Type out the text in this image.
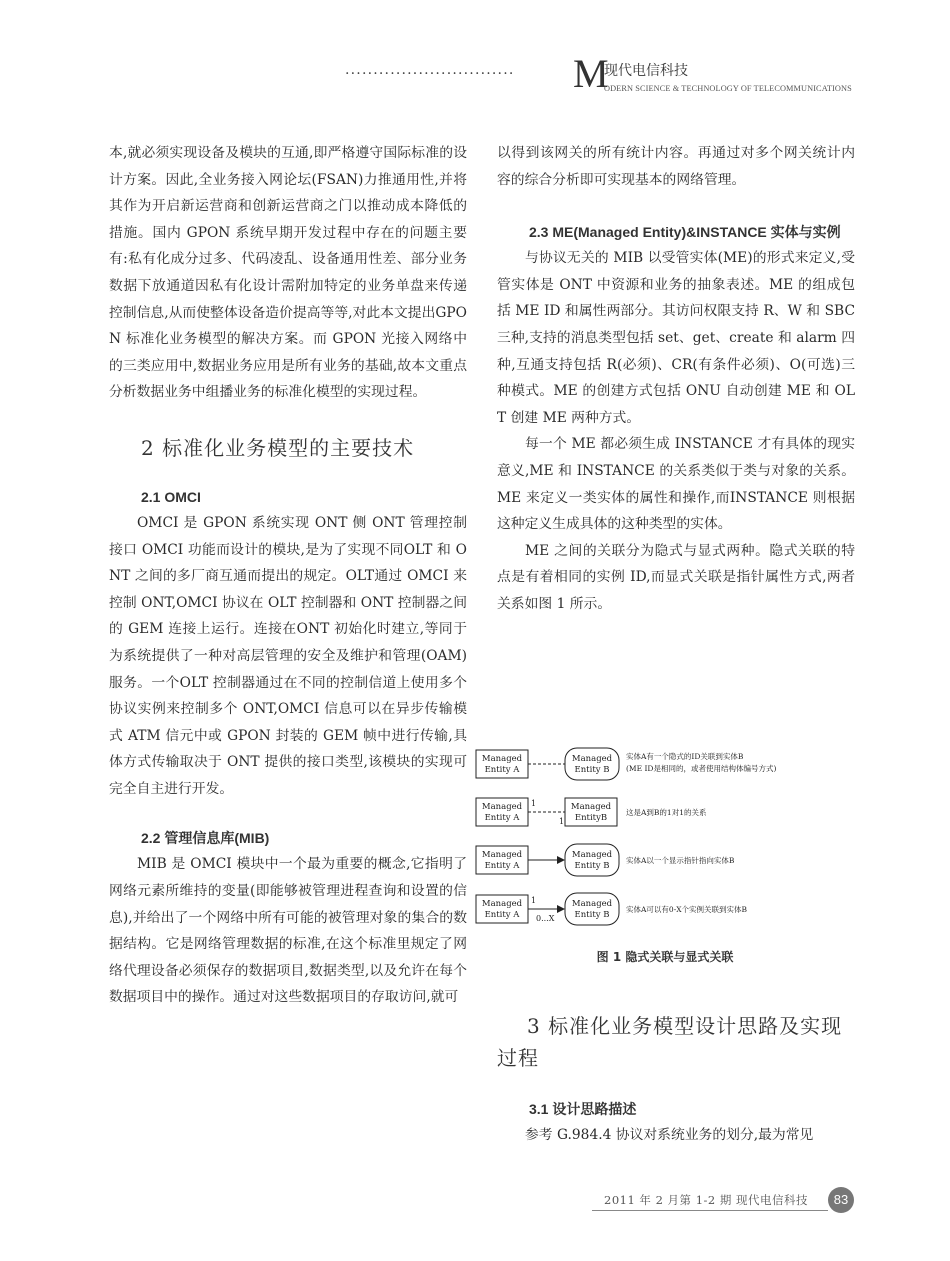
..............................	M
现代电信科技
ODERN SCIENCE & TECHNOLOGY OF TELECOMMUNICATIONS

本,就必须实现设备及模块的互通,即严格遵守国际标准的设计方案。因此,全业务接入网论坛(FSAN)力推通用性,并将其作为开启新运营商和创新运营商之门以推动成本降低的措施。国内 GPON 系统早期开发过程中存在的问题主要有:私有化成分过多、代码凌乱、设备通用性差、部分业务数据下放通道因私有化设计需附加特定的业务单盘来传递控制信息,从而使整体设备造价提高等等,对此本文提出GPON 标准化业务模型的解决方案。而 GPON 光接入网络中的三类应用中,数据业务应用是所有业务的基础,故本文重点分析数据业务中组播业务的标准化模型的实现过程。

2 标准化业务模型的主要技术
2.1 OMCI

OMCI 是 GPON 系统实现 ONT 侧 ONT 管理控制接口 OMCI 功能而设计的模块,是为了实现不同OLT 和 ONT 之间的多厂商互通而提出的规定。OLT通过 OMCI 来控制 ONT,OMCI 协议在 OLT 控制器和 ONT 控制器之间的 GEM 连接上运行。连接在ONT 初始化时建立,等同于为系统提供了一种对高层管理的安全及维护和管理(OAM)服务。一个OLT 控制器通过在不同的控制信道上使用多个协议实例来控制多个 ONT,OMCI 信息可以在异步传输模式 ATM 信元中或 GPON 封装的 GEM 帧中进行传输,具体方式传输取决于 ONT 提供的接口类型,该模块的实现可完全自主进行开发。

2.2 管理信息库(MIB)

MIB 是 OMCI 模块中一个最为重要的概念,它指明了网络元素所维持的变量(即能够被管理进程查询和设置的信息),并给出了一个网络中所有可能的被管理对象的集合的数据结构。它是网络管理数据的标准,在这个标准里规定了网络代理设备必须保存的数据项目,数据类型,以及允许在每个数据项目中的操作。通过对这些数据项目的存取访问,就可

以得到该网关的所有统计内容。再通过对多个网关统计内容的综合分析即可实现基本的网络管理。

2.3 ME(Managed Entity)&INSTANCE 实体与实例

与协议无关的 MIB 以受管实体(ME)的形式来定义,受管实体是 ONT 中资源和业务的抽象表述。ME 的组成包括 ME ID 和属性两部分。其访问权限支持 R、W 和 SBC 三种,支持的消息类型包括 set、get、create 和 alarm 四种,互通支持包括 R(必须)、CR(有条件必须)、O(可选)三种模式。ME 的创建方式包括 ONU 自动创建 ME 和 OLT 创建 ME 两种方式。

每一个 ME 都必须生成 INSTANCE 才有具体的现实意义,ME 和 INSTANCE 的关系类似于类与对象的关系。ME 来定义一类实体的属性和操作,而INSTANCE 则根据这种定义生成具体的这种类型的实体。

ME 之间的关联分为隐式与显式两种。隐式关联的特点是有着相同的实例 ID,而显式关联是指针属性方式,两者关系如图 1 所示。

Managed
Entity A
Managed
Entity B
Managed
Entity A
Managed
EntityB
Managed
Entity A
Managed
Entity B
Managed
Entity A
Managed
Entity B
1
1
1
0...X
实体A有一个隐式的ID关联到实体B
(ME ID是相同的，或者使用结构体编号方式)
这是A到B的1对1的关系
实体A以一个显示指针指向实体B
实体A可以有0-X个实例关联到实体B
图 1 隐式关联与显式关联
3 标准化业务模型设计思路及实现过程
3.1 设计思路描述

参考 G.984.4 协议对系统业务的划分,最为常见

2011 年 2 月第 1-2 期 现代电信科技	83
